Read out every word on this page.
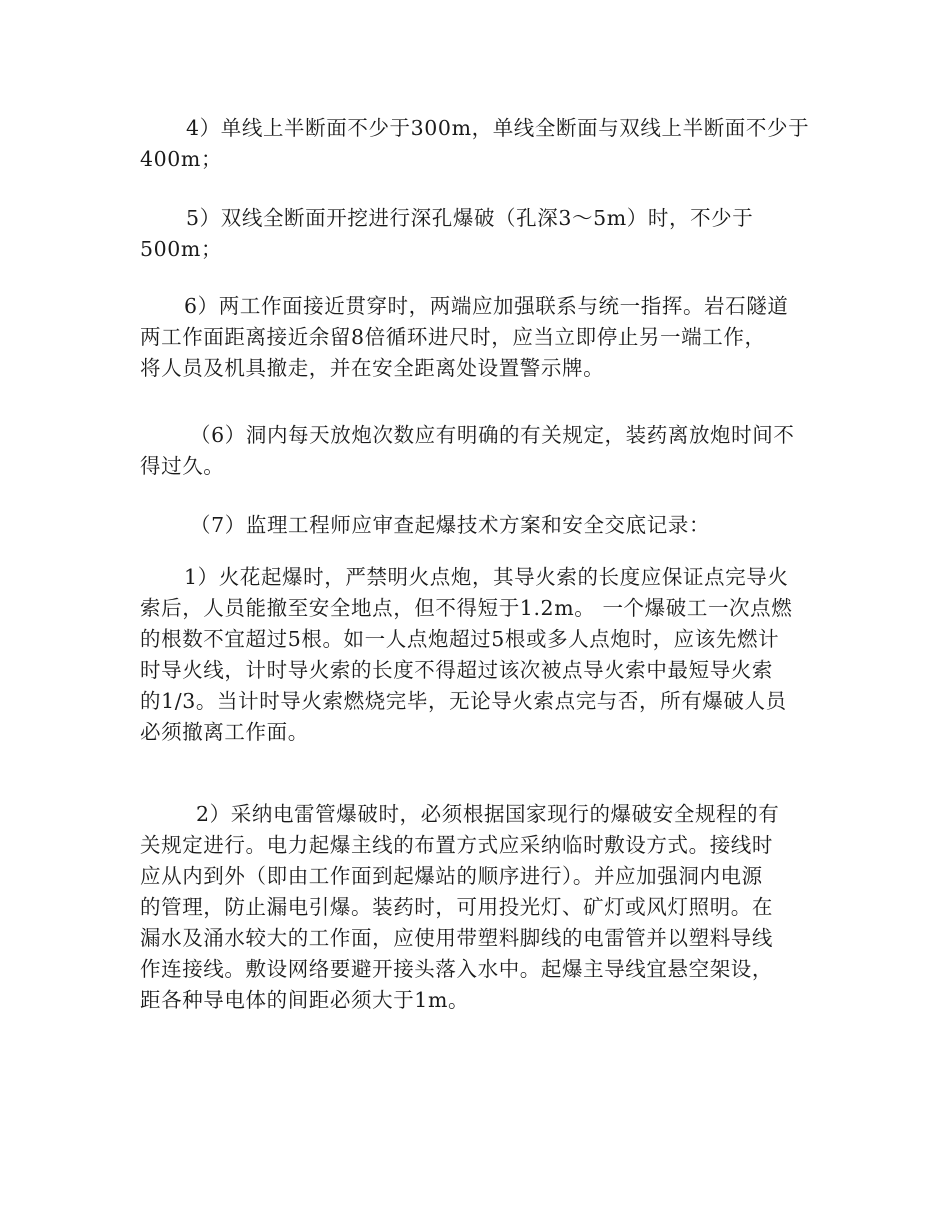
4）单线上半断面不少于300m，单线全断面与双线上半断面不少于
400m；
5）双线全断面开挖进行深孔爆破（孔深3～5m）时，不少于
500m；
6）两工作面接近贯穿时，两端应加强联系与统一指挥。岩石隧道
两工作面距离接近余留8倍循环进尺时，应当立即停止另一端工作，
将人员及机具撤走，并在安全距离处设置警示牌。
（6）洞内每天放炮次数应有明确的有关规定，装药离放炮时间不
得过久。
（7）监理工程师应审查起爆技术方案和安全交底记录：
1）火花起爆时，严禁明火点炮，其导火索的长度应保证点完导火
索后，人员能撤至安全地点，但不得短于1.2m。 一个爆破工一次点燃
的根数不宜超过5根。如一人点炮超过5根或多人点炮时，应该先燃计
时导火线，计时导火索的长度不得超过该次被点导火索中最短导火索
的1/3。当计时导火索燃烧完毕，无论导火索点完与否，所有爆破人员
必须撤离工作面。
2）采纳电雷管爆破时，必须根据国家现行的爆破安全规程的有
关规定进行。电力起爆主线的布置方式应采纳临时敷设方式。接线时
应从内到外（即由工作面到起爆站的顺序进行）。并应加强洞内电源
的管理，防止漏电引爆。装药时，可用投光灯、矿灯或风灯照明。在
漏水及涌水较大的工作面，应使用带塑料脚线的电雷管并以塑料导线
作连接线。敷设网络要避开接头落入水中。起爆主导线宜悬空架设，
距各种导电体的间距必须大于1m。
